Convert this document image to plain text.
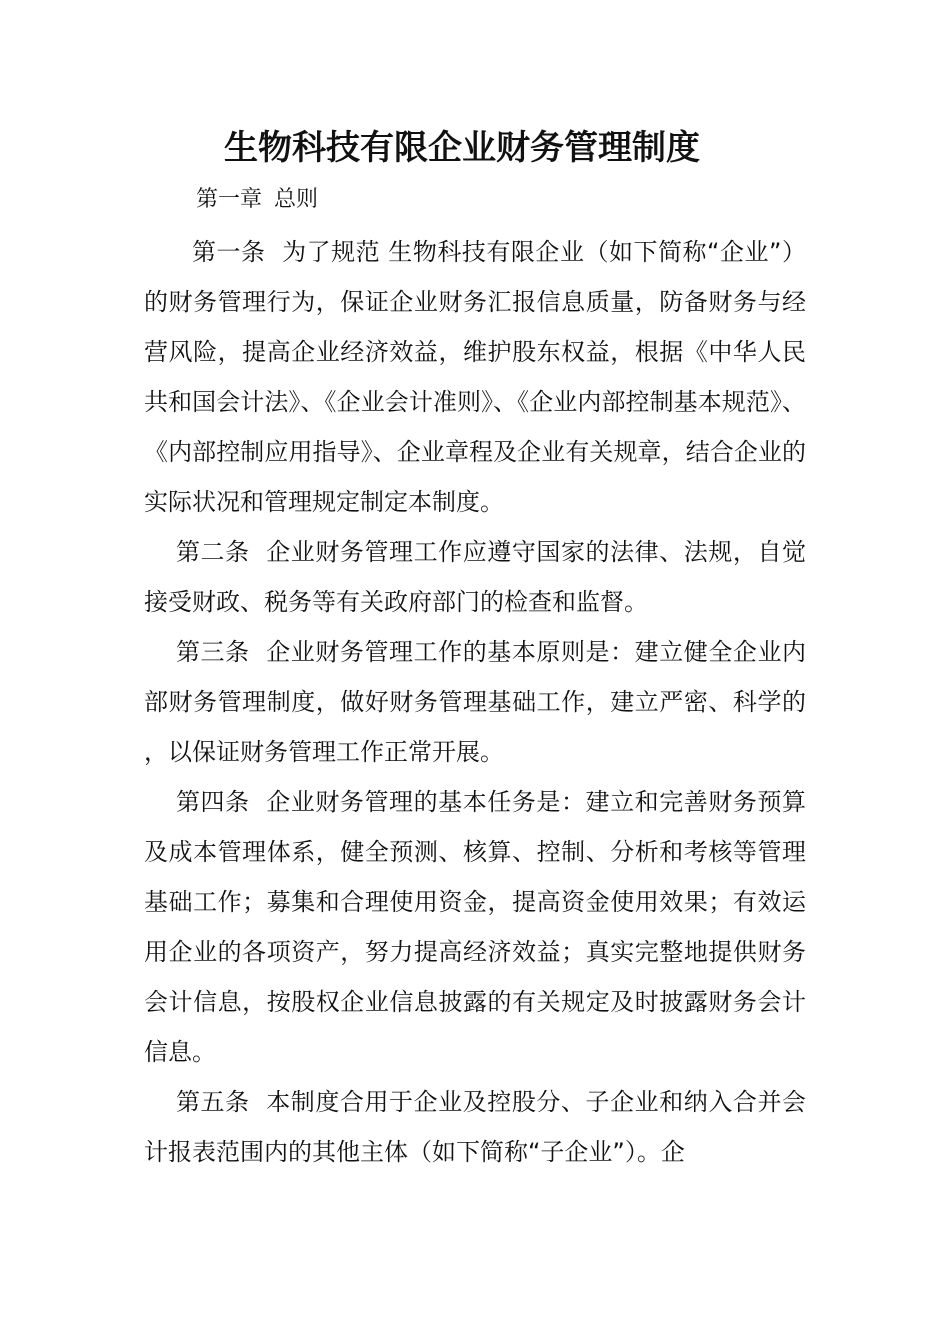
生物科技有限企业财务管理制度
第一章 总则

第一条 为了规范 生物科技有限企业（如下简称“企业”）的财务管理行为，保证企业财务汇报信息质量，防备财务与经营风险，提高企业经济效益，维护股东权益，根据《中华人民共和国会计法》、《企业会计准则》、《企业内部控制基本规范》、《内部控制应用指导》、企业章程及企业有关规章，结合企业的实际状况和管理规定制定本制度。

第二条 企业财务管理工作应遵守国家的法律、法规，自觉接受财政、税务等有关政府部门的检查和监督。

第三条 企业财务管理工作的基本原则是：建立健全企业内部财务管理制度，做好财务管理基础工作，建立严密、科学的 ，以保证财务管理工作正常开展。

第四条 企业财务管理的基本任务是：建立和完善财务预算及成本管理体系，健全预测、核算、控制、分析和考核等管理基础工作；募集和合理使用资金，提高资金使用效果；有效运用企业的各项资产，努力提高经济效益；真实完整地提供财务会计信息，按股权企业信息披露的有关规定及时披露财务会计信息。

第五条 本制度合用于企业及控股分、子企业和纳入合并会计报表范围内的其他主体（如下简称“子企业”）。企
